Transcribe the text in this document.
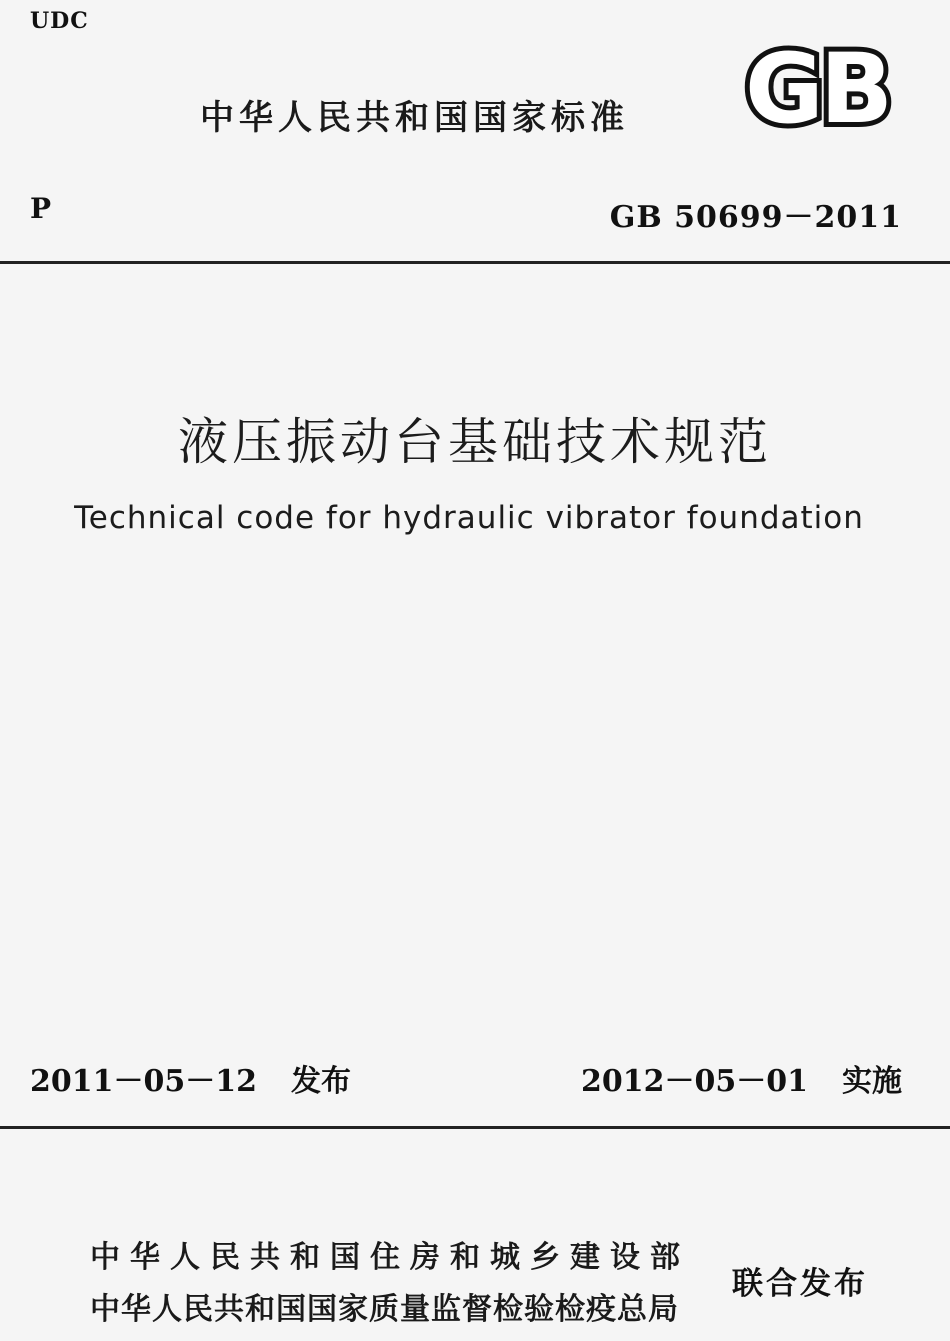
UDC
中华人民共和国国家标准 GB
P	GB 50699－2011
液压振动台基础技术规范
Technical code for hydraulic vibrator foundation
2011－05－12 发布	2012－05－01 实施
中华人民共和国住房和城乡建设部
中华人民共和国国家质量监督检验检疫总局
联合发布
